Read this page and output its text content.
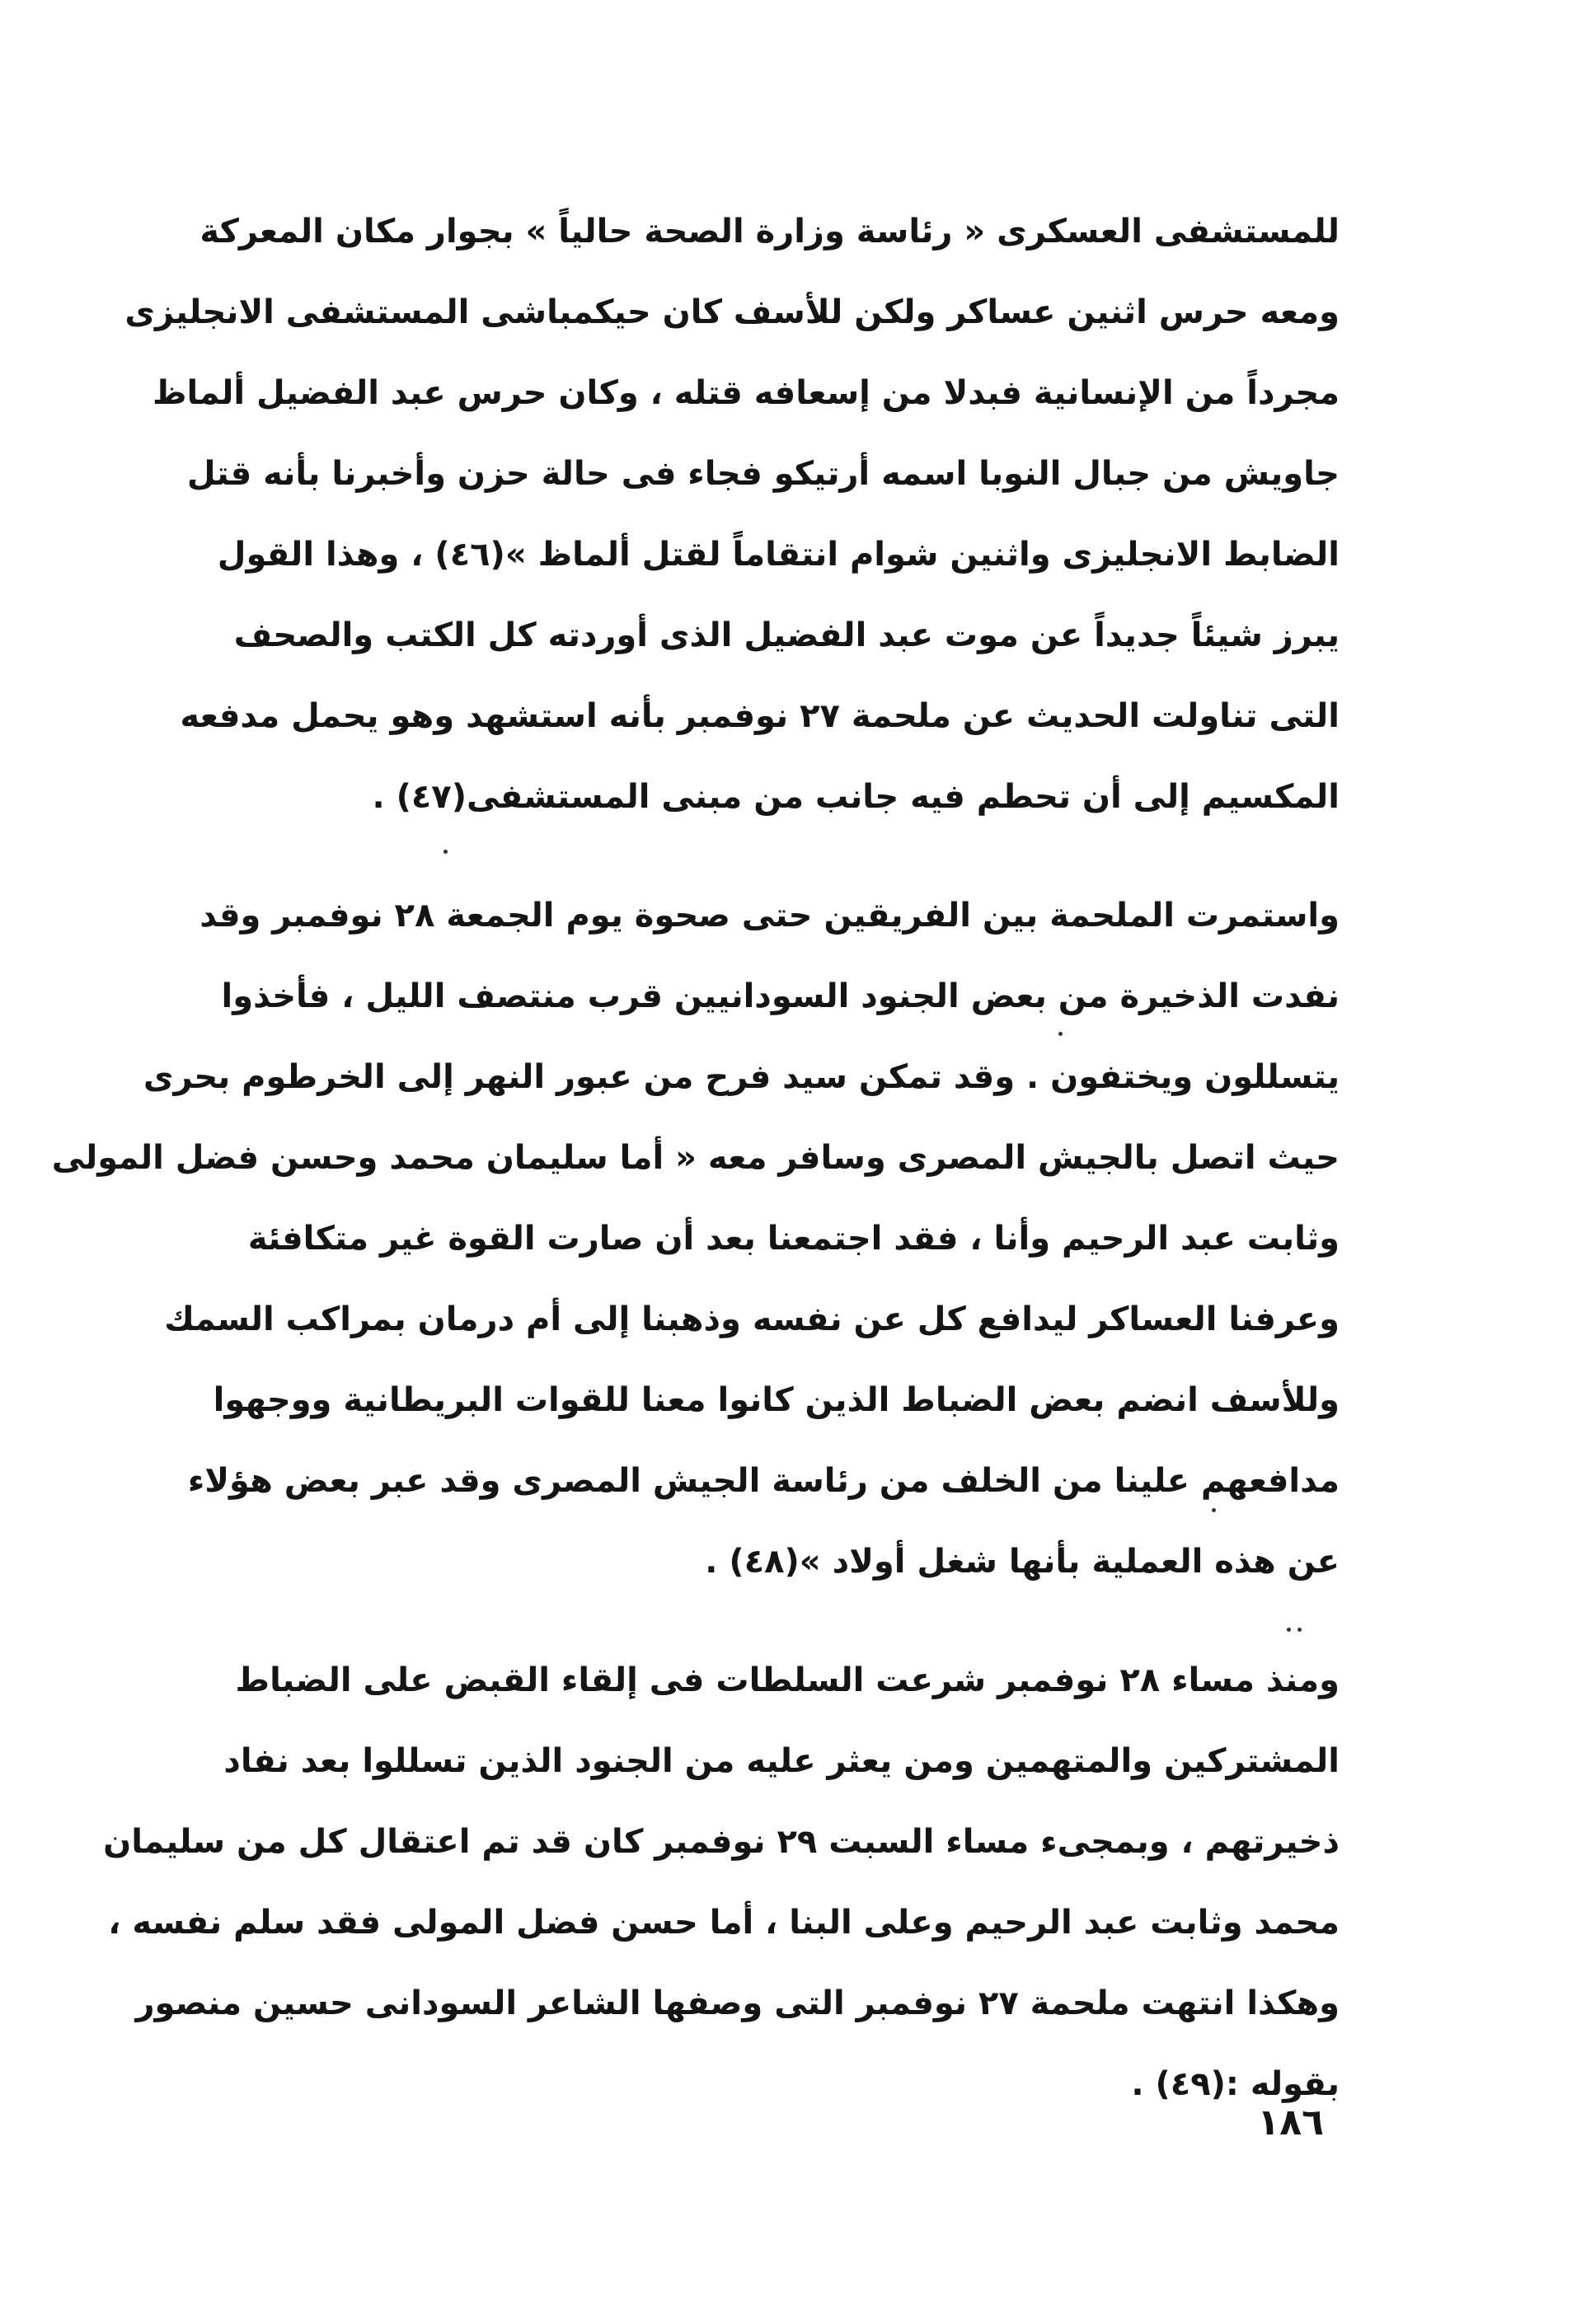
للمستشفى العسكرى « رئاسة وزارة الصحة حالياً » بجوار مكان المعركة
ومعه حرس اثنين عساكر ولكن للأسف كان حيكمباشى المستشفى الانجليزى
مجرداً من الإنسانية فبدلا من إسعافه قتله ، وكان حرس عبد الفضيل ألماظ
جاويش من جبال النوبا اسمه أرتيكو فجاء فى حالة حزن وأخبرنا بأنه قتل
الضابط الانجليزى واثنين شوام انتقاماً لقتل ألماظ »(٤٦) ، وهذا القول
يبرز شيئاً جديداً عن موت عبد الفضيل الذى أوردته كل الكتب والصحف
التى تناولت الحديث عن ملحمة ٢٧ نوفمبر بأنه استشهد وهو يحمل مدفعه
المكسيم إلى أن تحطم فيه جانب من مبنى المستشفى(٤٧) .
واستمرت الملحمة بين الفريقين حتى صحوة يوم الجمعة ٢٨ نوفمبر وقد
نفدت الذخيرة من بعض الجنود السودانيين قرب منتصف الليل ، فأخذوا
يتسللون ويختفون . وقد تمكن سيد فرح من عبور النهر إلى الخرطوم بحرى
حيث اتصل بالجيش المصرى وسافر معه « أما سليمان محمد وحسن فضل المولى
وثابت عبد الرحيم وأنا ، فقد اجتمعنا بعد أن صارت القوة غير متكافئة
وعرفنا العساكر ليدافع كل عن نفسه وذهبنا إلى أم درمان بمراكب السمك
وللأسف انضم بعض الضباط الذين كانوا معنا للقوات البريطانية ووجهوا
مدافعهم علينا من الخلف من رئاسة الجيش المصرى وقد عبر بعض هؤلاء
عن هذه العملية بأنها شغل أولاد »(٤٨) .
ومنذ مساء ٢٨ نوفمبر شرعت السلطات فى إلقاء القبض على الضباط
المشتركين والمتهمين ومن يعثر عليه من الجنود الذين تسللوا بعد نفاد
ذخيرتهم ، وبمجىء مساء السبت ٢٩ نوفمبر كان قد تم اعتقال كل من سليمان
محمد وثابت عبد الرحيم وعلى البنا ، أما حسن فضل المولى فقد سلم نفسه ،
وهكذا انتهت ملحمة ٢٧ نوفمبر التى وصفها الشاعر السودانى حسين منصور
بقوله :(٤٩) .
١٨٦
